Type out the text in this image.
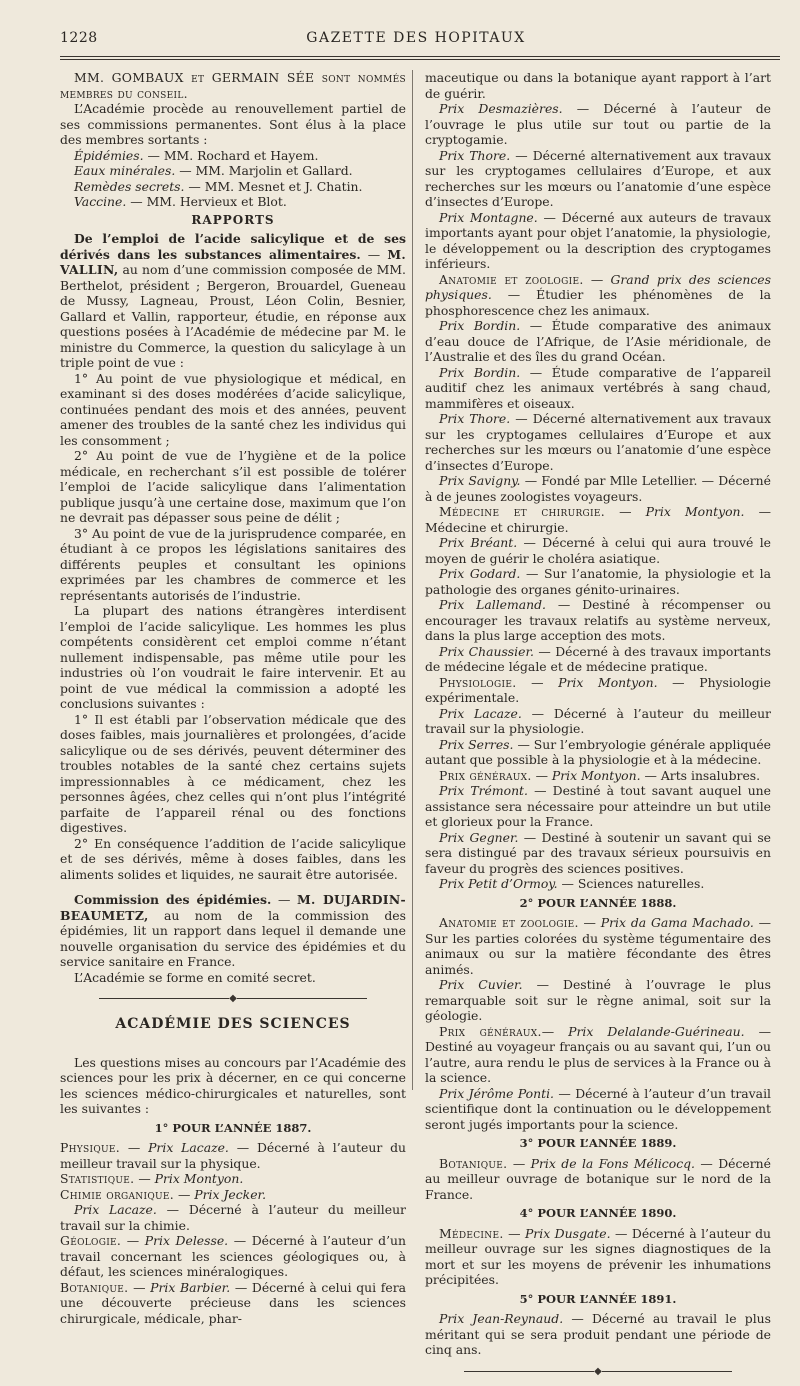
1228	GAZETTE DES HOPITAUX

MM. GOMBAUX et GERMAIN SÉE sont nommés membres du conseil.

L’Académie procède au renouvellement partiel de ses commissions permanentes. Sont élus à la place des membres sortants :

Épidémies. — MM. Rochard et Hayem.

Eaux minérales. — MM. Marjolin et Gallard.

Remèdes secrets. — MM. Mesnet et J. Chatin.

Vaccine. — MM. Hervieux et Blot.

RAPPORTS

De l’emploi de l’acide salicylique et de ses dérivés dans les substances alimentaires. — M. VALLIN, au nom d’une commission composée de MM. Berthelot, président ; Bergeron, Brouardel, Gueneau de Mussy, Lagneau, Proust, Léon Colin, Besnier, Gallard et Vallin, rapporteur, étudie, en réponse aux questions posées à l’Académie de médecine par M. le ministre du Commerce, la question du salicylage à un triple point de vue :

1° Au point de vue physiologique et médical, en examinant si des doses modérées d’acide salicylique, continuées pendant des mois et des années, peuvent amener des troubles de la santé chez les individus qui les consomment ;

2° Au point de vue de l’hygiène et de la police médicale, en recherchant s’il est possible de tolérer l’emploi de l’acide salicylique dans l’alimentation publique jusqu’à une certaine dose, maximum que l’on ne devrait pas dépasser sous peine de délit ;

3° Au point de vue de la jurisprudence comparée, en étudiant à ce propos les législations sanitaires des différents peuples et consultant les opinions exprimées par les chambres de commerce et les représentants autorisés de l’industrie.

La plupart des nations étrangères interdisent l’emploi de l’acide salicylique. Les hommes les plus compétents considèrent cet emploi comme n’étant nullement indispensable, pas même utile pour les industries où l’on voudrait le faire intervenir. Et au point de vue médical la commission a adopté les conclusions suivantes :

1° Il est établi par l’observation médicale que des doses faibles, mais journalières et prolongées, d’acide salicylique ou de ses dérivés, peuvent déterminer des troubles notables de la santé chez certains sujets impressionnables à ce médicament, chez les personnes âgées, chez celles qui n’ont plus l’intégrité parfaite de l’appareil rénal ou des fonctions digestives.

2° En conséquence l’addition de l’acide salicylique et de ses dérivés, même à doses faibles, dans les aliments solides et liquides, ne saurait être autorisée.

Commission des épidémies. — M. DUJARDIN-BEAUMETZ, au nom de la commission des épidémies, lit un rapport dans lequel il demande une nouvelle organisation du service des épidémies et du service sanitaire en France.

L’Académie se forme en comité secret.

◆

ACADÉMIE DES SCIENCES

Les questions mises au concours par l’Académie des sciences pour les prix à décerner, en ce qui concerne les sciences médico-chirurgicales et naturelles, sont les suivantes :

1° POUR L’ANNÉE 1887.

Physique. — Prix Lacaze. — Décerné à l’auteur du meilleur travail sur la physique.

Statistique. — Prix Montyon.

Chimie organique. — Prix Jecker.

Prix Lacaze. — Décerné à l’auteur du meilleur travail sur la chimie.

Géologie. — Prix Delesse. — Décerné à l’auteur d’un travail concernant les sciences géologiques ou, à défaut, les sciences minéralogiques.

Botanique. — Prix Barbier. — Décerné à celui qui fera une découverte précieuse dans les sciences chirurgicale, médicale, phar-

maceutique ou dans la botanique ayant rapport à l’art de guérir.

Prix Desmazières. — Décerné à l’auteur de l’ouvrage le plus utile sur tout ou partie de la cryptogamie.

Prix Thore. — Décerné alternativement aux travaux sur les cryptogames cellulaires d’Europe, et aux recherches sur les mœurs ou l’anatomie d’une espèce d’insectes d’Europe.

Prix Montagne. — Décerné aux auteurs de travaux importants ayant pour objet l’anatomie, la physiologie, le développement ou la description des cryptogames inférieurs.

Anatomie et zoologie. — Grand prix des sciences physiques. — Étudier les phénomènes de la phosphorescence chez les animaux.

Prix Bordin. — Étude comparative des animaux d’eau douce de l’Afrique, de l’Asie méridionale, de l’Australie et des îles du grand Océan.

Prix Bordin. — Étude comparative de l’appareil auditif chez les animaux vertébrés à sang chaud, mammifères et oiseaux.

Prix Thore. — Décerné alternativement aux travaux sur les cryptogames cellulaires d’Europe et aux recherches sur les mœurs ou l’anatomie d’une espèce d’insectes d’Europe.

Prix Savigny. — Fondé par Mlle Letellier. — Décerné à de jeunes zoologistes voyageurs.

Médecine et chirurgie. — Prix Montyon. — Médecine et chirurgie.

Prix Bréant. — Décerné à celui qui aura trouvé le moyen de guérir le choléra asiatique.

Prix Godard. — Sur l’anatomie, la physiologie et la pathologie des organes génito-urinaires.

Prix Lallemand. — Destiné à récompenser ou encourager les travaux relatifs au système nerveux, dans la plus large acception des mots.

Prix Chaussier. — Décerné à des travaux importants de médecine légale et de médecine pratique.

Physiologie. — Prix Montyon. — Physiologie expérimentale.

Prix Lacaze. — Décerné à l’auteur du meilleur travail sur la physiologie.

Prix Serres. — Sur l’embryologie générale appliquée autant que possible à la physiologie et à la médecine.

Prix généraux. — Prix Montyon. — Arts insalubres.

Prix Trémont. — Destiné à tout savant auquel une assistance sera nécessaire pour atteindre un but utile et glorieux pour la France.

Prix Gegner. — Destiné à soutenir un savant qui se sera distingué par des travaux sérieux poursuivis en faveur du progrès des sciences positives.

Prix Petit d’Ormoy. — Sciences naturelles.

2° POUR L’ANNÉE 1888.

Anatomie et zoologie. — Prix da Gama Machado. — Sur les parties colorées du système tégumentaire des animaux ou sur la matière fécondante des êtres animés.

Prix Cuvier. — Destiné à l’ouvrage le plus remarquable soit sur le règne animal, soit sur la géologie.

Prix généraux.— Prix Delalande-Guérineau. — Destiné au voyageur français ou au savant qui, l’un ou l’autre, aura rendu le plus de services à la France ou à la science.

Prix Jérôme Ponti. — Décerné à l’auteur d’un travail scientifique dont la continuation ou le développement seront jugés importants pour la science.

3° POUR L’ANNÉE 1889.

Botanique. — Prix de la Fons Mélicocq. — Décerné au meilleur ouvrage de botanique sur le nord de la France.

4° POUR L’ANNÉE 1890.

Médecine. — Prix Dusgate. — Décerné à l’auteur du meilleur ouvrage sur les signes diagnostiques de la mort et sur les moyens de prévenir les inhumations précipitées.

5° POUR L’ANNÉE 1891.

Prix Jean-Reynaud. — Décerné au travail le plus méritant qui se sera produit pendant une période de cinq ans.

◆
